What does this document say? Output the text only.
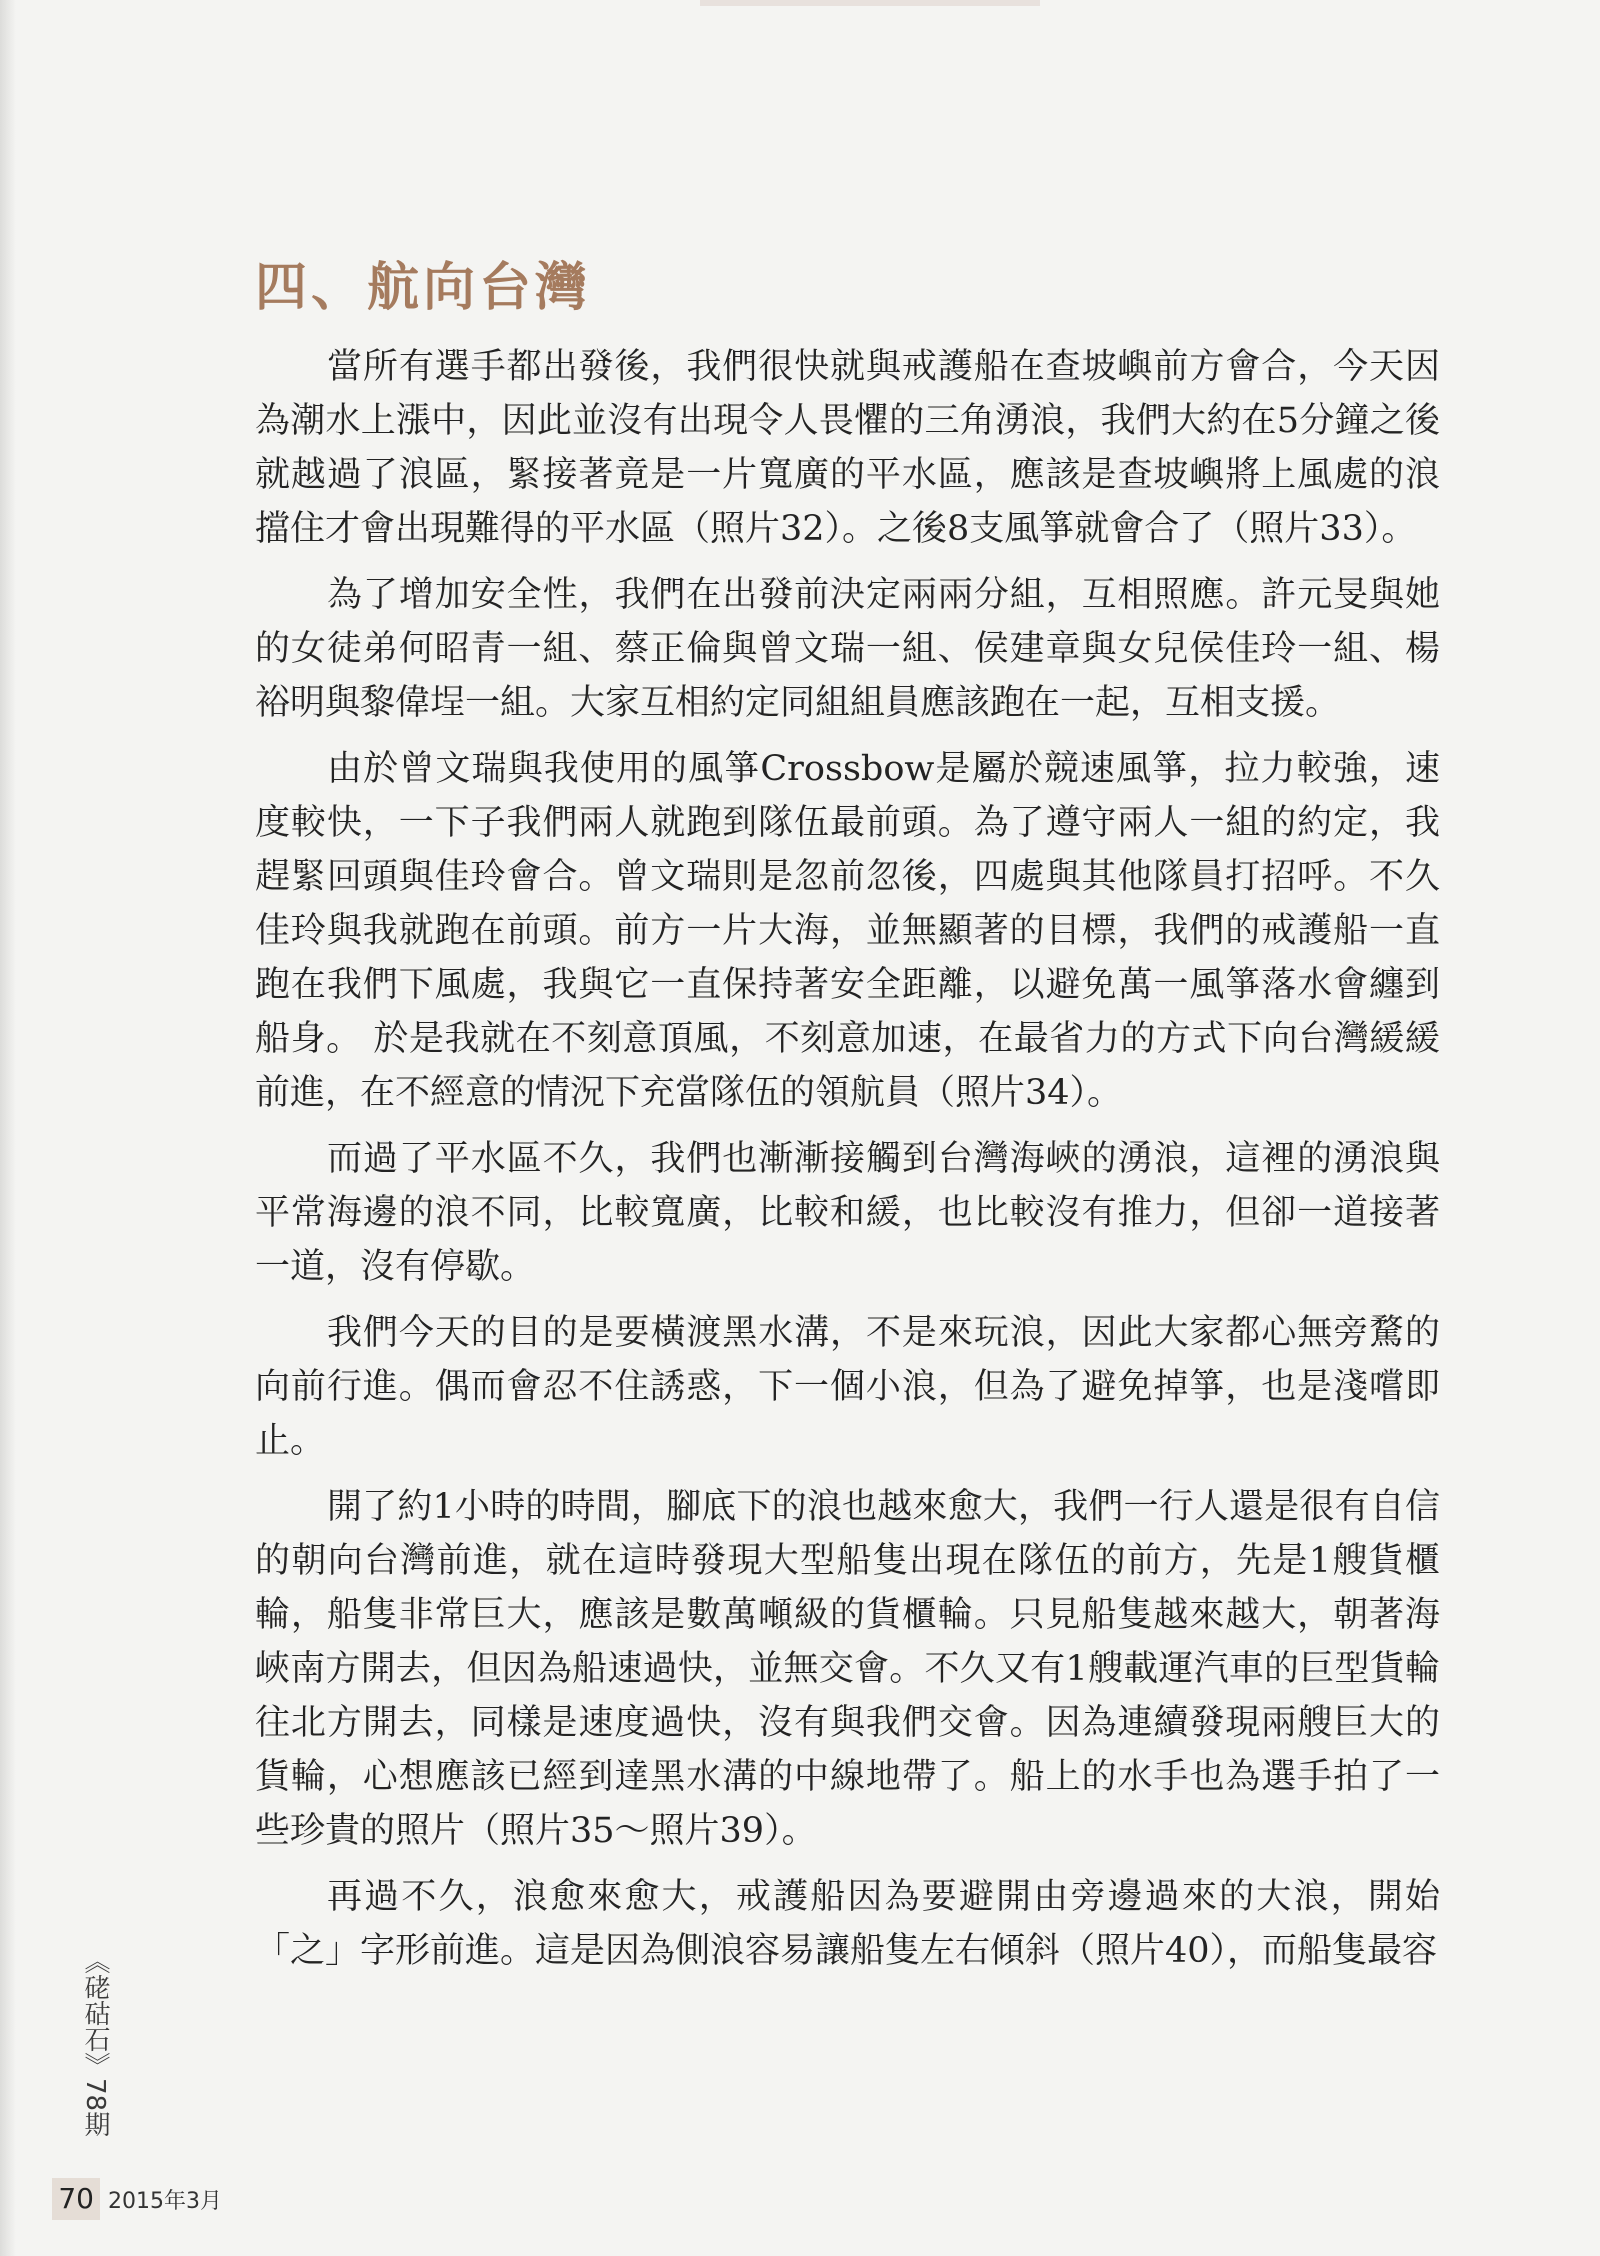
四、航向台灣

當所有選手都出發後，我們很快就與戒護船在查坡嶼前方會合，今天因為潮水上漲中，因此並沒有出現令人畏懼的三角湧浪，我們大約在5分鐘之後就越過了浪區，緊接著竟是一片寬廣的平水區，應該是查坡嶼將上風處的浪擋住才會出現難得的平水區（照片32）。之後8支風箏就會合了（照片33）。

為了增加安全性，我們在出發前決定兩兩分組，互相照應。許元旻與她的女徒弟何昭青一組、蔡正倫與曾文瑞一組、侯建章與女兒侯佳玲一組、楊裕明與黎偉埕一組。大家互相約定同組組員應該跑在一起，互相支援。

由於曾文瑞與我使用的風箏Crossbow是屬於競速風箏，拉力較強，速度較快，一下子我們兩人就跑到隊伍最前頭。為了遵守兩人一組的約定，我趕緊回頭與佳玲會合。曾文瑞則是忽前忽後，四處與其他隊員打招呼。不久佳玲與我就跑在前頭。前方一片大海，並無顯著的目標，我們的戒護船一直跑在我們下風處，我與它一直保持著安全距離，以避免萬一風箏落水會纏到船身。 於是我就在不刻意頂風，不刻意加速，在最省力的方式下向台灣緩緩前進，在不經意的情況下充當隊伍的領航員（照片34）。

而過了平水區不久，我們也漸漸接觸到台灣海峽的湧浪，這裡的湧浪與平常海邊的浪不同，比較寬廣，比較和緩，也比較沒有推力，但卻一道接著一道，沒有停歇。

我們今天的目的是要橫渡黑水溝，不是來玩浪，因此大家都心無旁騖的向前行進。偶而會忍不住誘惑，下一個小浪，但為了避免掉箏，也是淺嚐即止。

開了約1小時的時間，腳底下的浪也越來愈大，我們一行人還是很有自信的朝向台灣前進，就在這時發現大型船隻出現在隊伍的前方，先是1艘貨櫃輪，船隻非常巨大，應該是數萬噸級的貨櫃輪。只見船隻越來越大，朝著海峽南方開去，但因為船速過快，並無交會。不久又有1艘載運汽車的巨型貨輪往北方開去，同樣是速度過快，沒有與我們交會。因為連續發現兩艘巨大的貨輪，心想應該已經到達黑水溝的中線地帶了。船上的水手也為選手拍了一些珍貴的照片（照片35～照片39）。

再過不久，浪愈來愈大，戒護船因為要避開由旁邊過來的大浪，開始「之」字形前進。這是因為側浪容易讓船隻左右傾斜（照片40），而船隻最容

《硓𥑮石》78期
70 2015年3月
